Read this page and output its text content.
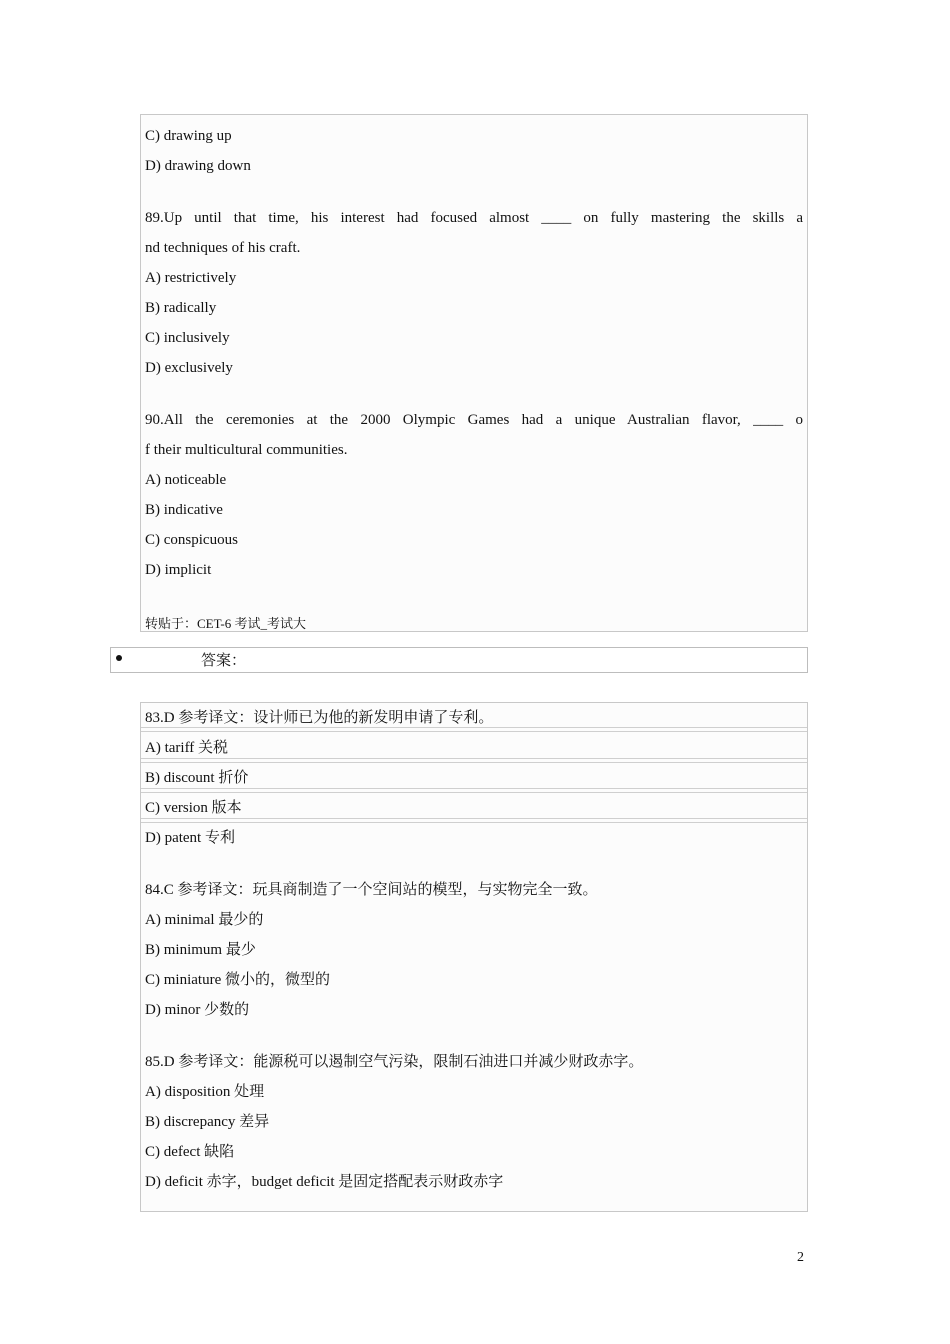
C) drawing up
D) drawing down
89.Up until that time, his interest had focused almost ____ on fully mastering the skills a
nd techniques of his craft.
A) restrictively
B) radically
C) inclusively
D) exclusively
90.All the ceremonies at the 2000 Olympic Games had a unique Australian flavor, ____ o
f their multicultural communities.
A) noticeable
B) indicative
C) conspicuous
D) implicit
转贴于：CET-6 考试_考试大
答案：
83.D 参考译文：设计师已为他的新发明申请了专利。
A) tariff 关税
B) discount 折价
C) version 版本
D) patent 专利
84.C 参考译文：玩具商制造了一个空间站的模型，与实物完全一致。
A) minimal 最少的
B) minimum 最少
C) miniature 微小的，微型的
D) minor 少数的
85.D 参考译文：能源税可以遏制空气污染，限制石油进口并减少财政赤字。
A) disposition 处理
B) discrepancy 差异
C) defect 缺陷
D) deficit 赤字，budget deficit 是固定搭配表示财政赤字
2
